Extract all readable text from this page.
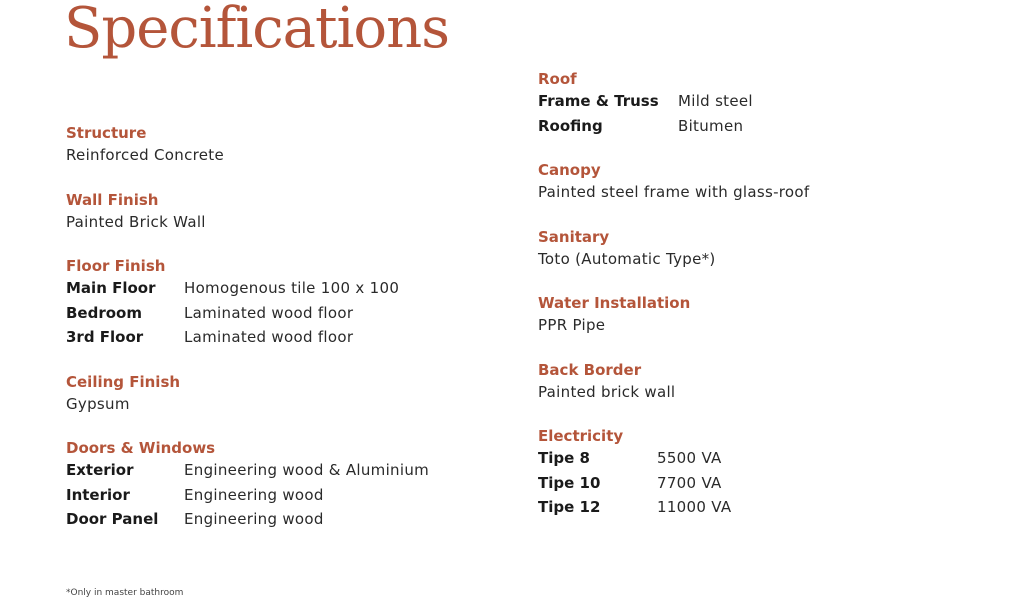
Specifications
Structure
Reinforced Concrete
Wall Finish
Painted Brick Wall
Floor Finish
Main Floor	Homogenous tile 100 x 100
Bedroom	Laminated wood floor
3rd Floor	Laminated wood floor
Ceiling Finish
Gypsum
Doors & Windows
Exterior	Engineering wood & Aluminium
Interior	Engineering wood
Door Panel	Engineering wood
Roof
Frame & Truss	Mild steel
Roofing	Bitumen
Canopy
Painted steel frame with glass-roof
Sanitary
Toto (Automatic Type*)
Water Installation
PPR Pipe
Back Border
Painted brick wall
Electricity
Tipe 8	5500 VA
Tipe 10	7700 VA
Tipe 12	11000 VA
*Only in master bathroom
